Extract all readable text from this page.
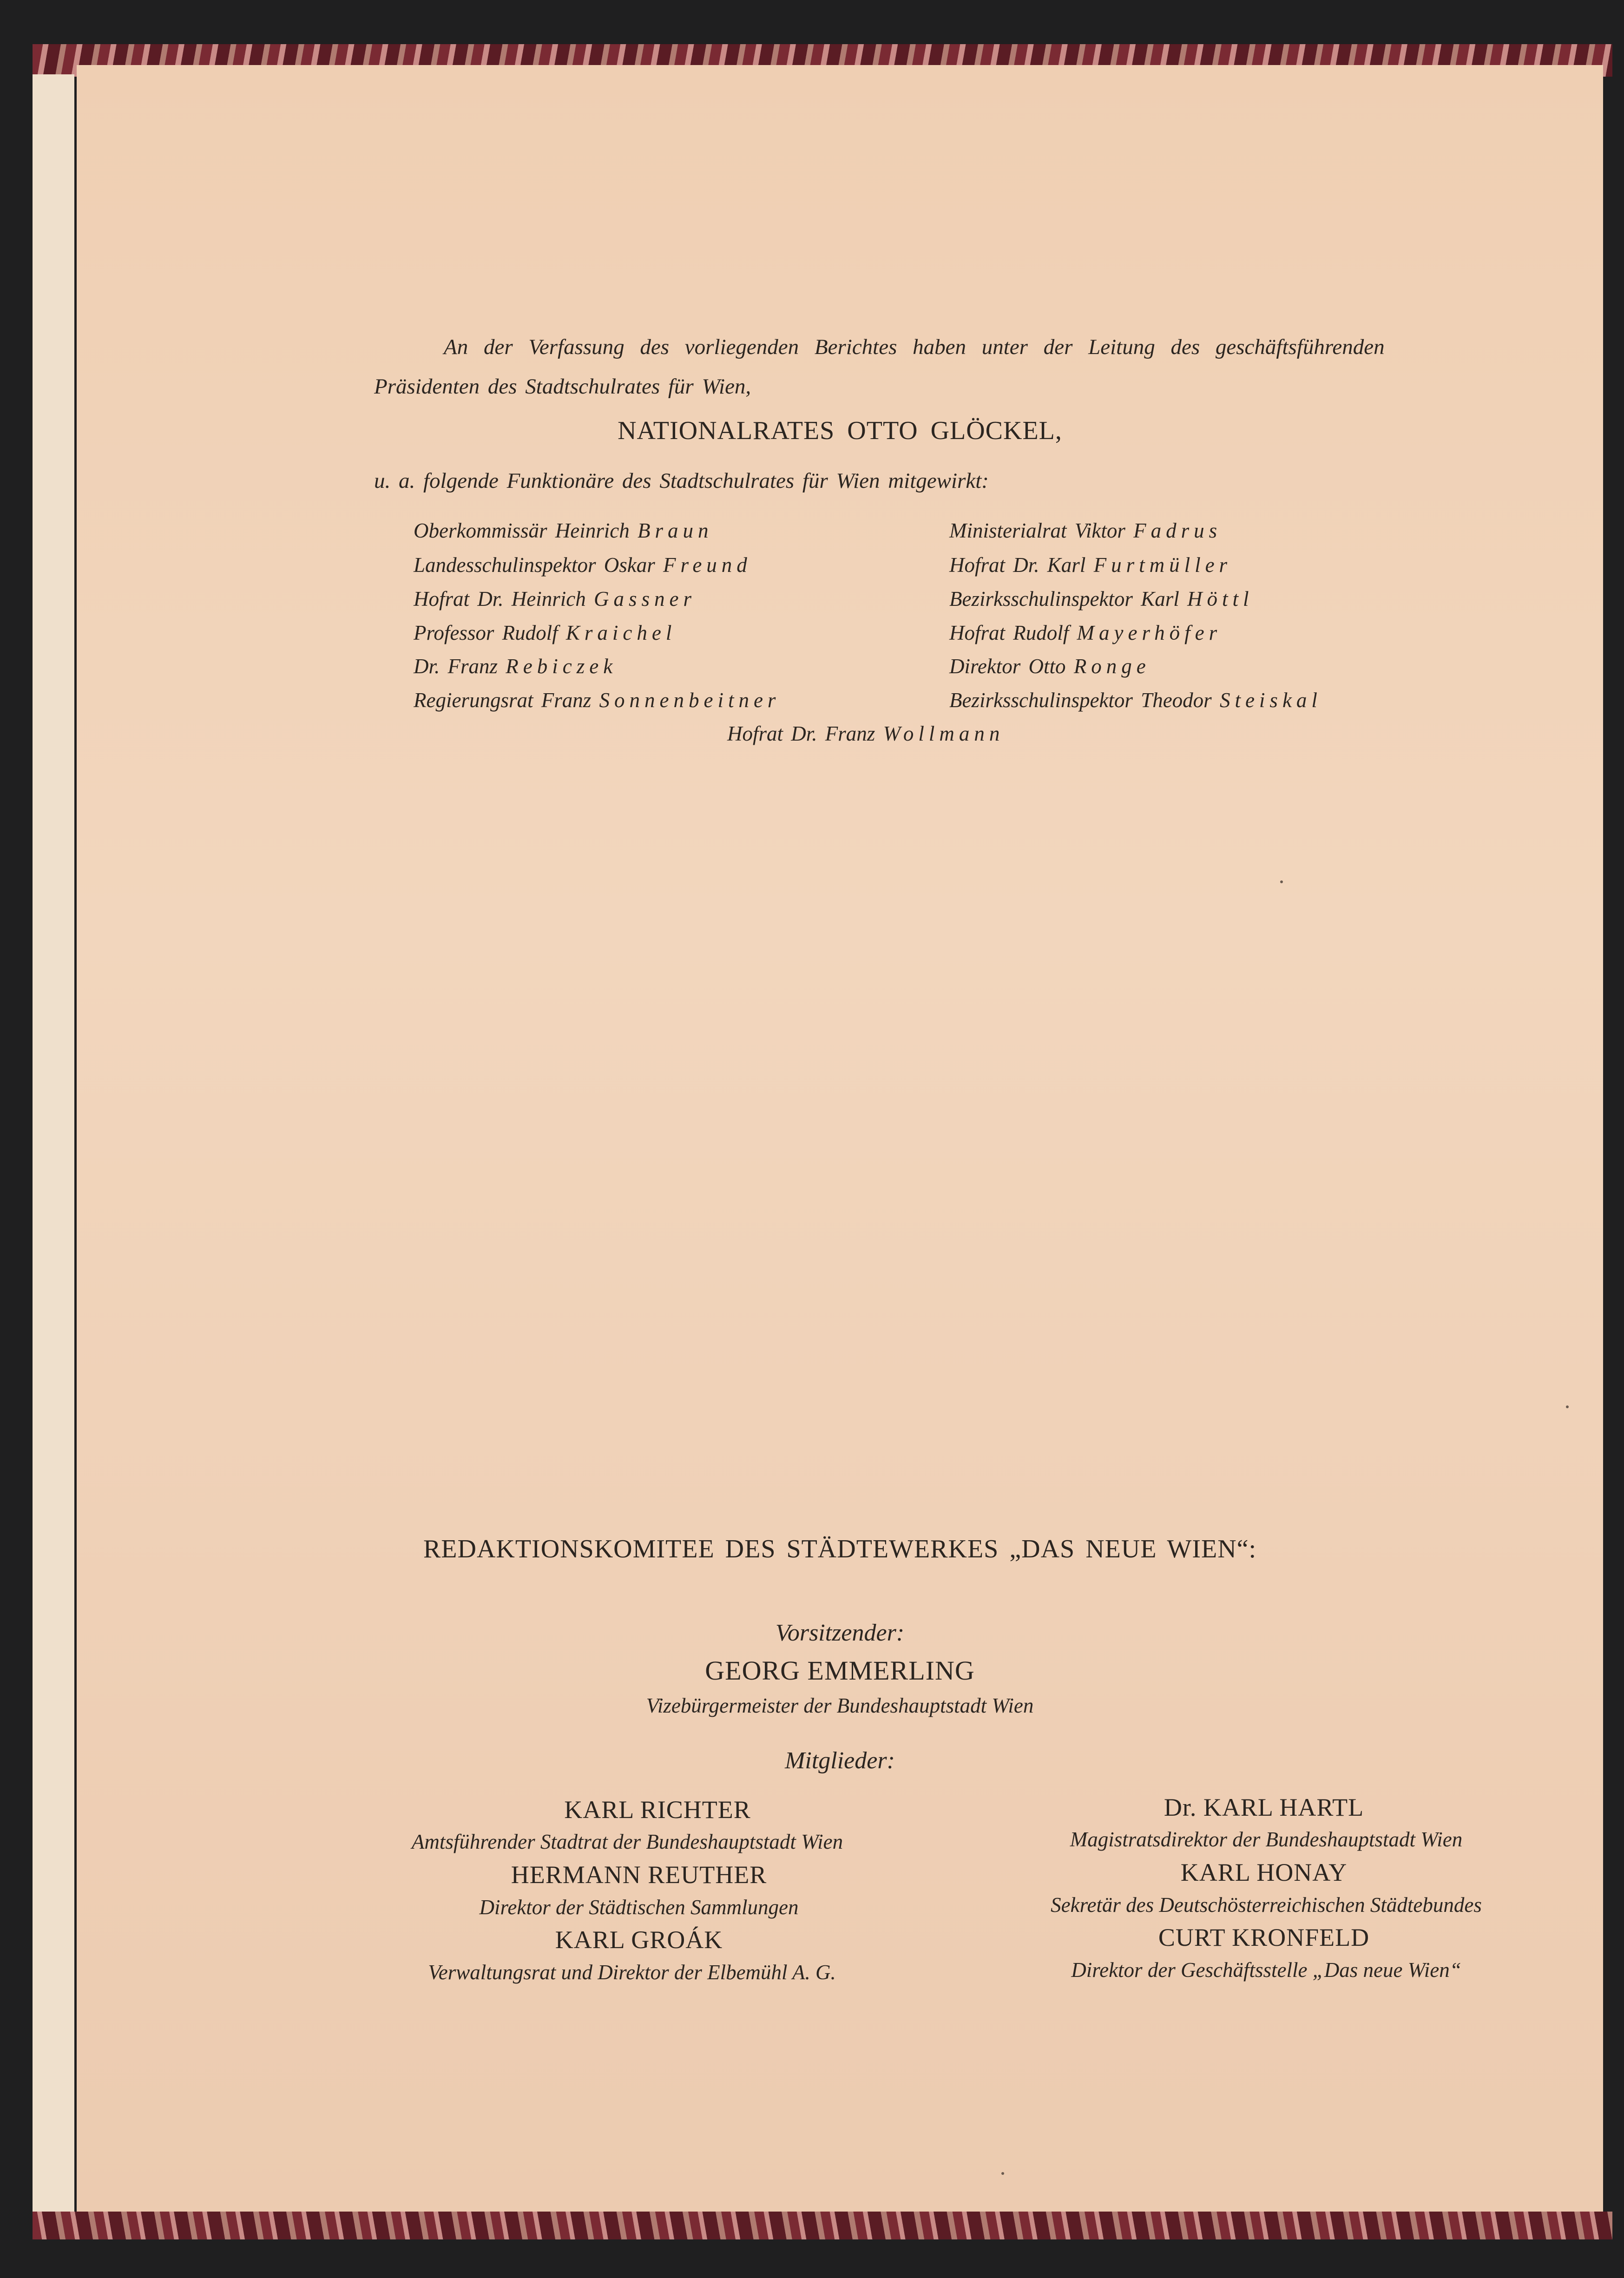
An der Verfassung des vorliegenden Berichtes haben unter der Leitung des geschäftsführenden
Präsidenten des Stadtschulrates für Wien,
NATIONALRATES OTTO GLÖCKEL,
u. a. folgende Funktionäre des Stadtschulrates für Wien mitgewirkt:
Oberkommissär Heinrich Braun
Landesschulinspektor Oskar Freund
Hofrat Dr. Heinrich Gassner
Professor Rudolf Kraichel
Dr. Franz Rebiczek
Regierungsrat Franz Sonnenbeitner
Ministerialrat Viktor Fadrus
Hofrat Dr. Karl Furtmüller
Bezirksschulinspektor Karl Höttl
Hofrat Rudolf Mayerhöfer
Direktor Otto Ronge
Bezirksschulinspektor Theodor Steiskal
Hofrat Dr. Franz Wollmann
REDAKTIONSKOMITEE DES STÄDTEWERKES „DAS NEUE WIEN“:
Vorsitzender:
GEORG EMMERLING
Vizebürgermeister der Bundeshauptstadt Wien
Mitglieder:
KARL RICHTER
Amtsführender Stadtrat der Bundeshauptstadt Wien
HERMANN REUTHER
Direktor der Städtischen Sammlungen
KARL GROÁK
Verwaltungsrat und Direktor der Elbemühl A. G.
Dr. KARL HARTL
Magistratsdirektor der Bundeshauptstadt Wien
KARL HONAY
Sekretär des Deutschösterreichischen Städtebundes
CURT KRONFELD
Direktor der Geschäftsstelle „Das neue Wien“
